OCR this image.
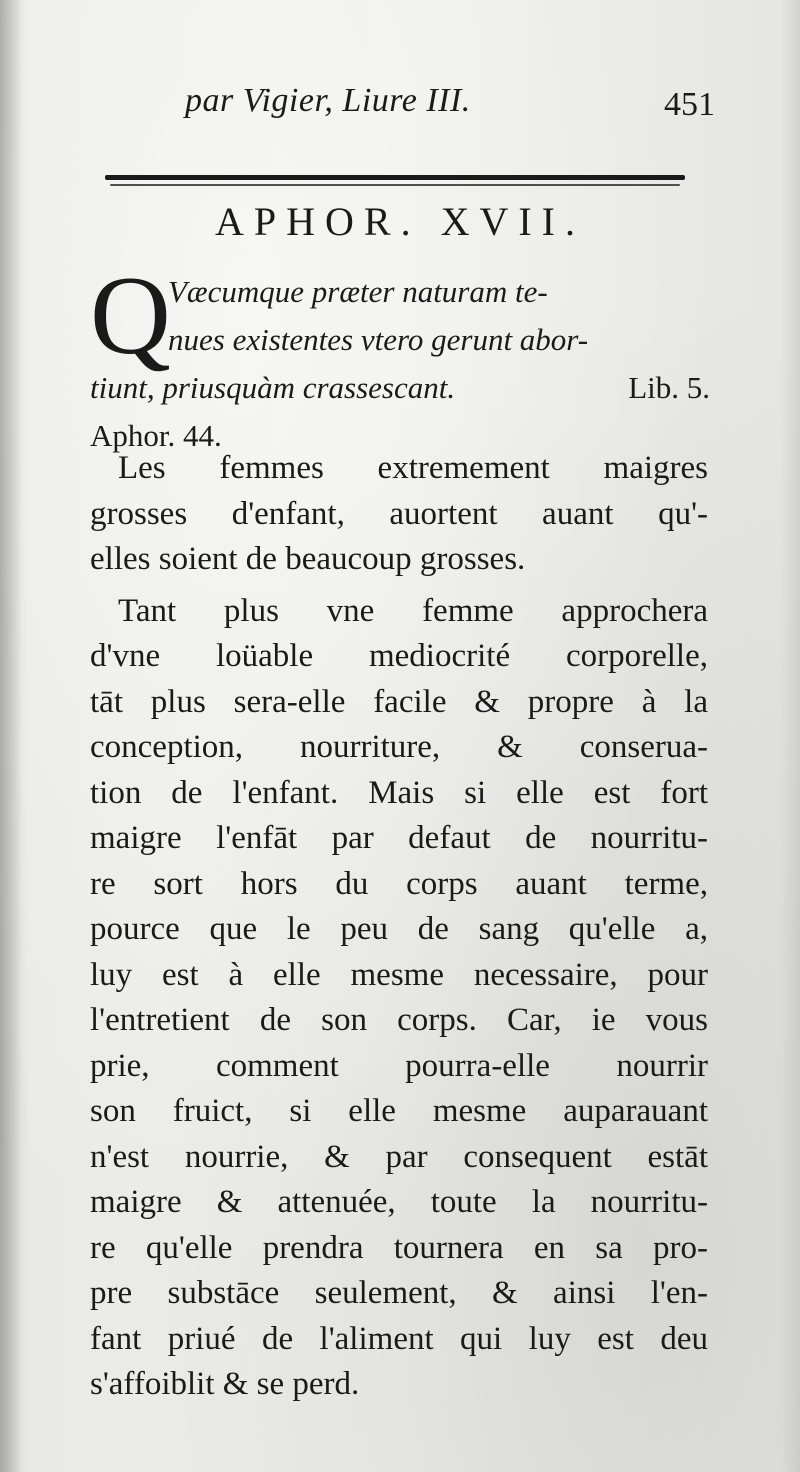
par Vigier, Liure III.	451
APHOR. XVII.
Q
Væcumque præter naturam te-
nues existentes vtero gerunt abor-
tiunt, priusquàm crassescant.	Lib. 5.
Aphor. 44.
Les femmes extremement maigres
grosses d'enfant, auortent auant qu'-
elles soient de beaucoup grosses.
Tant plus vne femme approchera
d'vne loüable mediocrité corporelle,
tāt plus sera-elle facile & propre à la
conception, nourriture, & conserua-
tion de l'enfant. Mais si elle est fort
maigre l'enfāt par defaut de nourritu-
re sort hors du corps auant terme,
pource que le peu de sang qu'elle a,
luy est à elle mesme necessaire, pour
l'entretient de son corps. Car, ie vous
prie, comment pourra-elle nourrir
son fruict, si elle mesme auparauant
n'est nourrie, & par consequent estāt
maigre & attenuée, toute la nourritu-
re qu'elle prendra tournera en sa pro-
pre substāce seulement, & ainsi l'en-
fant priué de l'aliment qui luy est deu
s'affoiblit & se perd.
